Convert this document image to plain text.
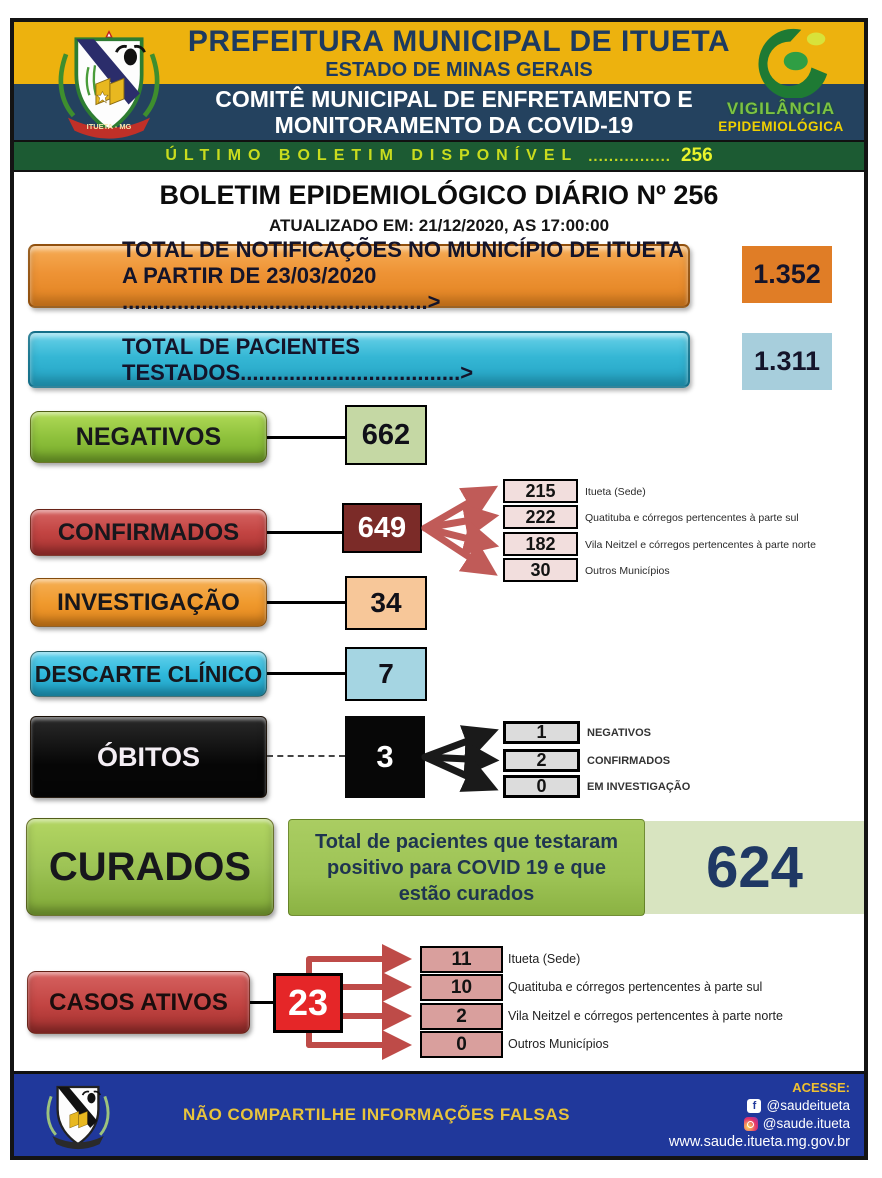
PREFEITURA MUNICIPAL DE ITUETA
ESTADO DE MINAS GERAIS
COMITÊ MUNICIPAL DE ENFRETAMENTO E
MONITORAMENTO DA COVID-19
ITUETA - MG
VIGILÂNCIA
EPIDEMIOLÓGICA
ÚLTIMO BOLETIM DISPONÍVEL ................ 256
BOLETIM EPIDEMIOLÓGICO DIÁRIO Nº 256
ATUALIZADO EM: 21/12/2020, AS 17:00:00
TOTAL DE NOTIFICAÇÕES NO MUNICÍPIO DE ITUETA
A PARTIR DE 23/03/2020 ..................................................>
1.352
TOTAL DE PACIENTES TESTADOS....................................>	1.311
NEGATIVOS	662
CONFIRMADOS	649
215	Itueta (Sede)
222	Quatituba e córregos pertencentes à parte sul
182	Vila Neitzel e córregos pertencentes à parte norte
30	Outros Municípios
INVESTIGAÇÃO	34
DESCARTE CLÍNICO	7
ÓBITOS	3
1	NEGATIVOS
2	CONFIRMADOS
0	EM INVESTIGAÇÃO
CURADOS	624
Total de pacientes que testaram positivo para COVID 19 e que estão curados
CASOS ATIVOS	23
11	Itueta (Sede)
10	Quatituba e córregos pertencentes à parte sul
2	Vila Neitzel e córregos pertencentes à parte norte
0	Outros Municípios
NÃO COMPARTILHE INFORMAÇÕES FALSAS
ACESSE:
f @saudeitueta
@saude.itueta
www.saude.itueta.mg.gov.br
